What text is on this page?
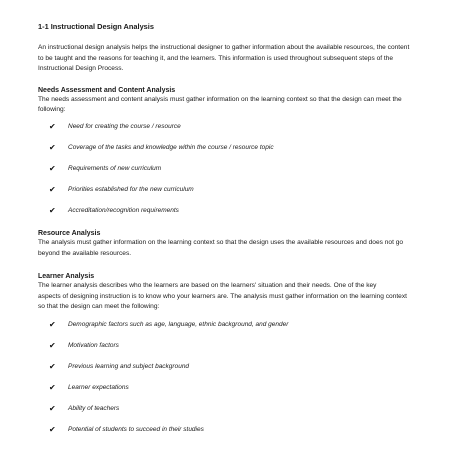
1-1 Instructional Design Analysis
An instructional design analysis helps the instructional designer to gather information about the available resources, the content
to be taught and the reasons for teaching it, and the learners. This information is used throughout subsequent steps of the
Instructional Design Process.
Needs Assessment and Content Analysis
The needs assessment and content analysis must gather information on the learning context so that the design can meet the
following:
✔ Need for creating the course / resource
✔ Coverage of the tasks and knowledge within the course / resource topic
✔ Requirements of new curriculum
✔ Priorities established for the new curriculum
✔ Accreditation/recognition requirements
Resource Analysis
The analysis must gather information on the learning context so that the design uses the available resources and does not go
beyond the available resources.
Learner Analysis
The learner analysis describes who the learners are based on the learners' situation and their needs. One of the key
aspects of designing instruction is to know who your learners are. The analysis must gather information on the learning context
so that the design can meet the following:
✔ Demographic factors such as age, language, ethnic background, and gender
✔ Motivation factors
✔ Previous learning and subject background
✔ Learner expectations
✔ Ability of teachers
✔ Potential of students to succeed in their studies
